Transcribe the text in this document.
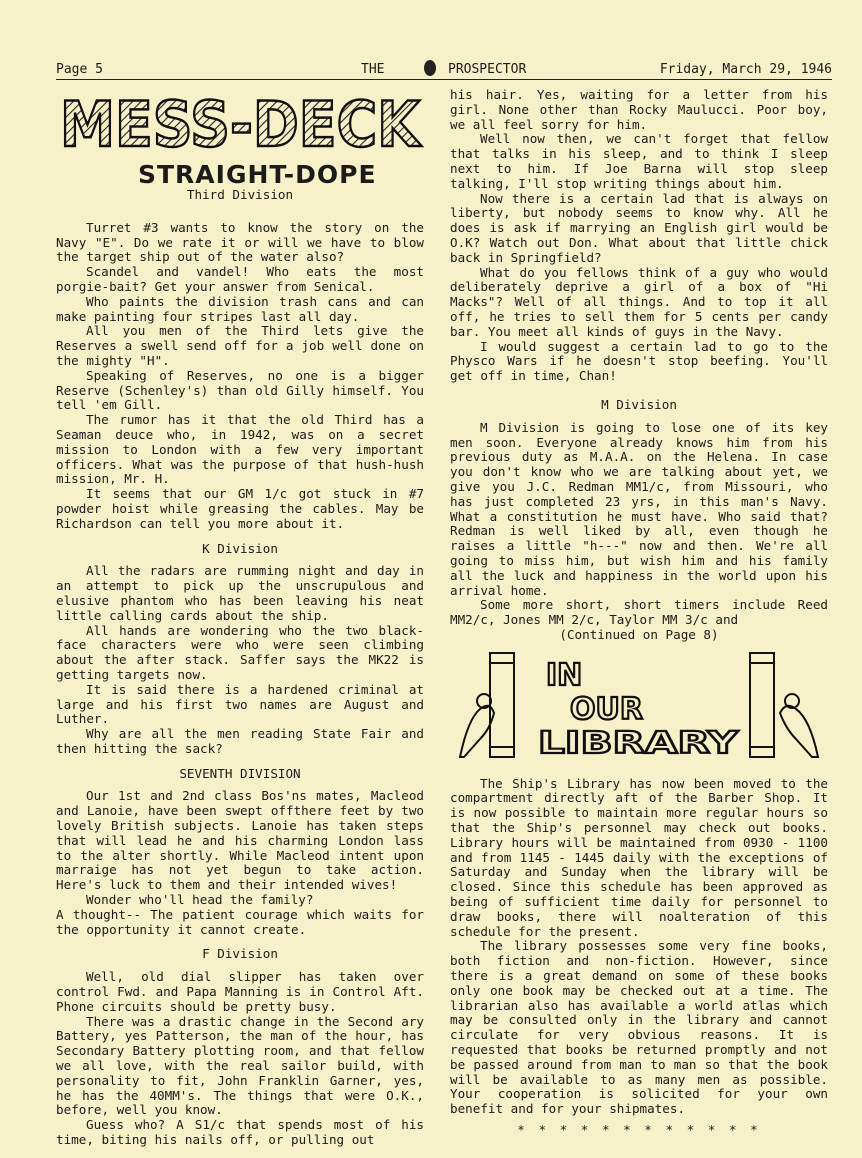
Page 5	THE	PROSPECTOR	Friday, March 29, 1946
MESS-DECK
STRAIGHT-DOPE
Third Division

Turret #3 wants to know the story on the Navy "E". Do we rate it or will we have to blow the target ship out of the water also?

Scandel and vandel! Who eats the most porgie-bait? Get your answer from Senical.

Who paints the division trash cans and can make painting four stripes last all day.

All you men of the Third lets give the Reserves a swell send off for a job well done on the mighty "H".

Speaking of Reserves, no one is a bigger Reserve (Schenley's) than old Gilly himself. You tell 'em Gill.

The rumor has it that the old Third has a Seaman deuce who, in 1942, was on a secret mission to London with a few very important officers. What was the purpose of that hush-hush mission, Mr. H.

It seems that our GM 1/c got stuck in #7 powder hoist while greasing the cables. May be Richardson can tell you more about it.

K Division

All the radars are rumming night and day in an attempt to pick up the unscrupulous and elusive phantom who has been leaving his neat little calling cards about the ship.

All hands are wondering who the two black-face characters were who were seen climbing about the after stack. Saffer says the MK22 is getting targets now.

It is said there is a hardened criminal at large and his first two names are August and Luther.

Why are all the men reading State Fair and then hitting the sack?

SEVENTH DIVISION

Our 1st and 2nd class Bos'ns mates, Macleod and Lanoie, have been swept offthere feet by two lovely British subjects. Lanoie has taken steps that will lead he and his charming London lass to the alter shortly. While Macleod intent upon marraige has not yet begun to take action. Here's luck to them and their intended wives!

Wonder who'll head the family?

A thought-- The patient courage which waits for the opportunity it cannot create.

F Division

Well, old dial slipper has taken over control Fwd. and Papa Manning is in Control Aft. Phone circuits should be pretty busy.

There was a drastic change in the Second ary Battery, yes Patterson, the man of the hour, has Secondary Battery plotting room, and that fellow we all love, with the real sailor build, with personality to fit, John Franklin Garner, yes, he has the 40MM's. The things that were O.K., before, well you know.

Guess who? A S1/c that spends most of his time, biting his nails off, or pulling out

his hair. Yes, waiting for a letter from his girl. None other than Rocky Maulucci. Poor boy, we all feel sorry for him.

Well now then, we can't forget that fellow that talks in his sleep, and to think I sleep next to him. If Joe Barna will stop sleep talking, I'll stop writing things about him.

Now there is a certain lad that is always on liberty, but nobody seems to know why. All he does is ask if marrying an English girl would be O.K? Watch out Don. What about that little chick back in Springfield?

What do you fellows think of a guy who would deliberately deprive a girl of a box of "Hi Macks"? Well of all things. And to top it all off, he tries to sell them for 5 cents per candy bar. You meet all kinds of guys in the Navy.

I would suggest a certain lad to go to the Physco Wars if he doesn't stop beefing. You'll get off in time, Chan!

M Division

M Division is going to lose one of its key men soon. Everyone already knows him from his previous duty as M.A.A. on the Helena. In case you don't know who we are talking about yet, we give you J.C. Redman MM1/c, from Missouri, who has just completed 23 yrs, in this man's Navy. What a constitution he must have. Who said that? Redman is well liked by all, even though he raises a little "h---" now and then. We're all going to miss him, but wish him and his family all the luck and happiness in the world upon his arrival home.

Some more short, short timers include Reed MM2/c, Jones MM 2/c, Taylor MM 3/c and

(Continued on Page 8)

IN
OUR
LIBRARY

The Ship's Library has now been moved to the compartment directly aft of the Barber Shop. It is now possible to maintain more regular hours so that the Ship's personnel may check out books. Library hours will be maintained from 0930 - 1100 and from 1145 - 1445 daily with the exceptions of Saturday and Sunday when the library will be closed. Since this schedule has been approved as being of sufficient time daily for personnel to draw books, there will noalteration of this schedule for the present.

The library possesses some very fine books, both fiction and non-fiction. However, since there is a great demand on some of these books only one book may be checked out at a time. The librarian also has available a world atlas which may be consulted only in the library and cannot circulate for very obvious reasons. It is requested that books be returned promptly and not be passed around from man to man so that the book will be available to as many men as possible. Your cooperation is solicited for your own benefit and for your shipmates.

* * * * * * * * * * * *
